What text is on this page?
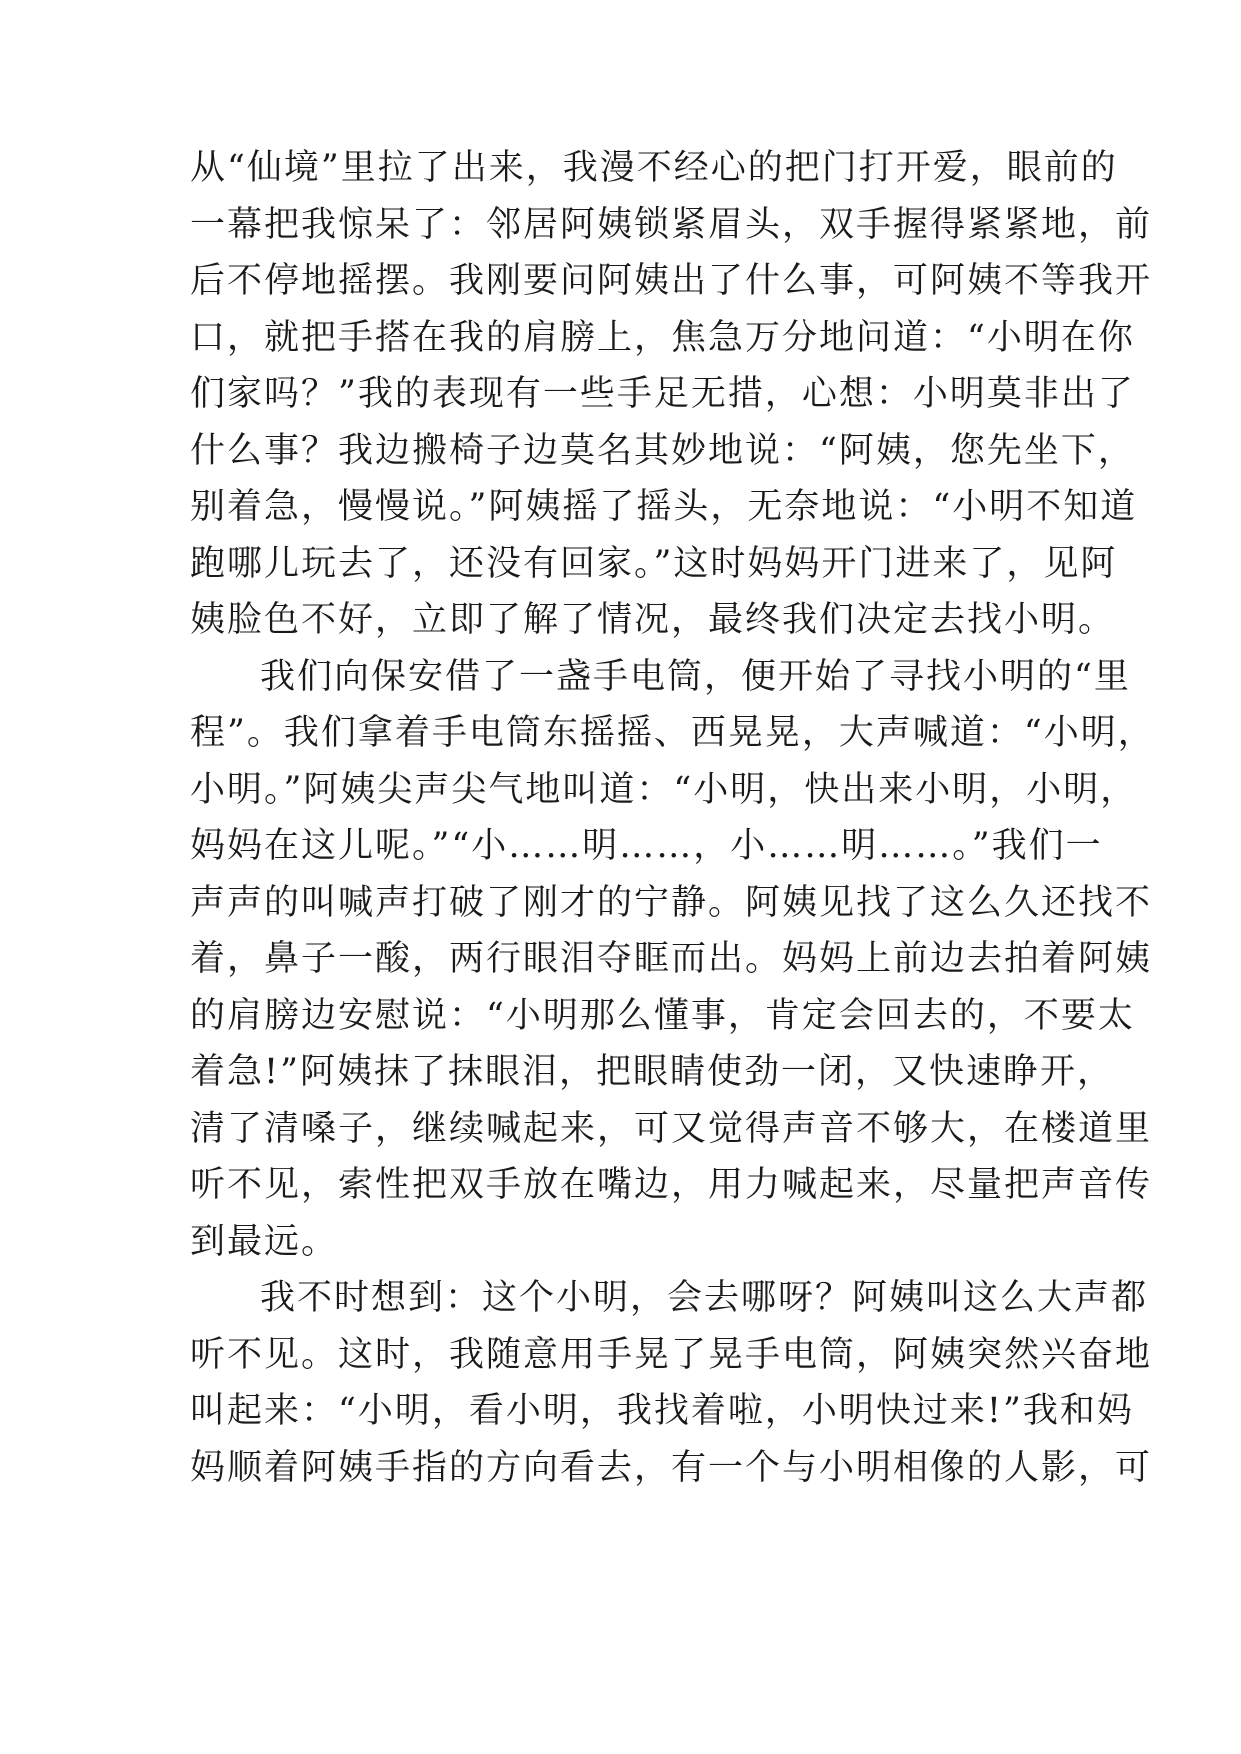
从“仙境”里拉了出来，我漫不经心的把门打开爱，眼前的
一幕把我惊呆了：邻居阿姨锁紧眉头，双手握得紧紧地，前
后不停地摇摆。我刚要问阿姨出了什么事，可阿姨不等我开
口，就把手搭在我的肩膀上，焦急万分地问道：“小明在你
们家吗？”我的表现有一些手足无措，心想：小明莫非出了
什么事？我边搬椅子边莫名其妙地说：“阿姨，您先坐下，
别着急，慢慢说。”阿姨摇了摇头，无奈地说：“小明不知道
跑哪儿玩去了，还没有回家。”这时妈妈开门进来了，见阿
姨脸色不好，立即了解了情况，最终我们决定去找小明。
我们向保安借了一盏手电筒，便开始了寻找小明的“里
程”。我们拿着手电筒东摇摇、西晃晃，大声喊道：“小明，
小明。”阿姨尖声尖气地叫道：“小明，快出来小明，小明，
妈妈在这儿呢。”“小……明……，小……明……。”我们一
声声的叫喊声打破了刚才的宁静。阿姨见找了这么久还找不
着，鼻子一酸，两行眼泪夺眶而出。妈妈上前边去拍着阿姨
的肩膀边安慰说：“小明那么懂事，肯定会回去的，不要太
着急!”阿姨抹了抹眼泪，把眼睛使劲一闭，又快速睁开，
清了清嗓子，继续喊起来，可又觉得声音不够大，在楼道里
听不见，索性把双手放在嘴边，用力喊起来，尽量把声音传
到最远。
我不时想到：这个小明，会去哪呀？阿姨叫这么大声都
听不见。这时，我随意用手晃了晃手电筒，阿姨突然兴奋地
叫起来：“小明，看小明，我找着啦，小明快过来!”我和妈
妈顺着阿姨手指的方向看去，有一个与小明相像的人影，可
